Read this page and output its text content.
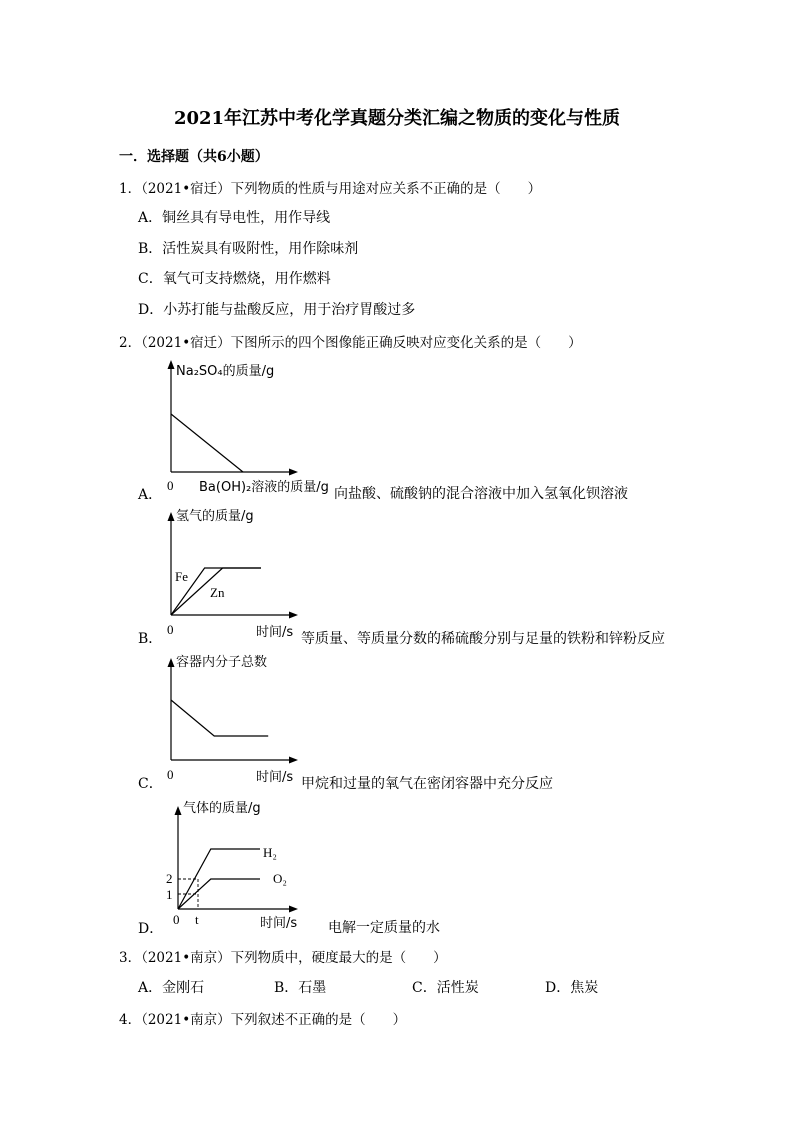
2021年江苏中考化学真题分类汇编之物质的变化与性质
一．选择题（共6小题）
1．（2021•宿迁）下列物质的性质与用途对应关系不正确的是（　　）
A．铜丝具有导电性，用作导线
B．活性炭具有吸附性，用作除味剂
C．氧气可支持燃烧，用作燃料
D．小苏打能与盐酸反应，用于治疗胃酸过多
2．（2021•宿迁）下图所示的四个图像能正确反映对应变化关系的是（　　）
A．
Na₂SO₄的质量/g
0 Ba(OH)₂溶液的质量/g 向盐酸、硫酸钠的混合溶液中加入氢氧化钡溶液
B．
氢气的质量/g
Fe
Zn
0	时间/s 等质量、等质量分数的稀硫酸分别与足量的铁粉和锌粉反应
C．
容器内分子总数
0	时间/s 甲烷和过量的氧气在密闭容器中充分反应
D．
气体的质量/g
H₂
O₂
2
1
0 t	时间/s 电解一定质量的水
3．（2021•南京）下列物质中，硬度最大的是（　　）
A．金刚石	B．石墨	C．活性炭	D．焦炭
4．（2021•南京）下列叙述不正确的是（　　）
